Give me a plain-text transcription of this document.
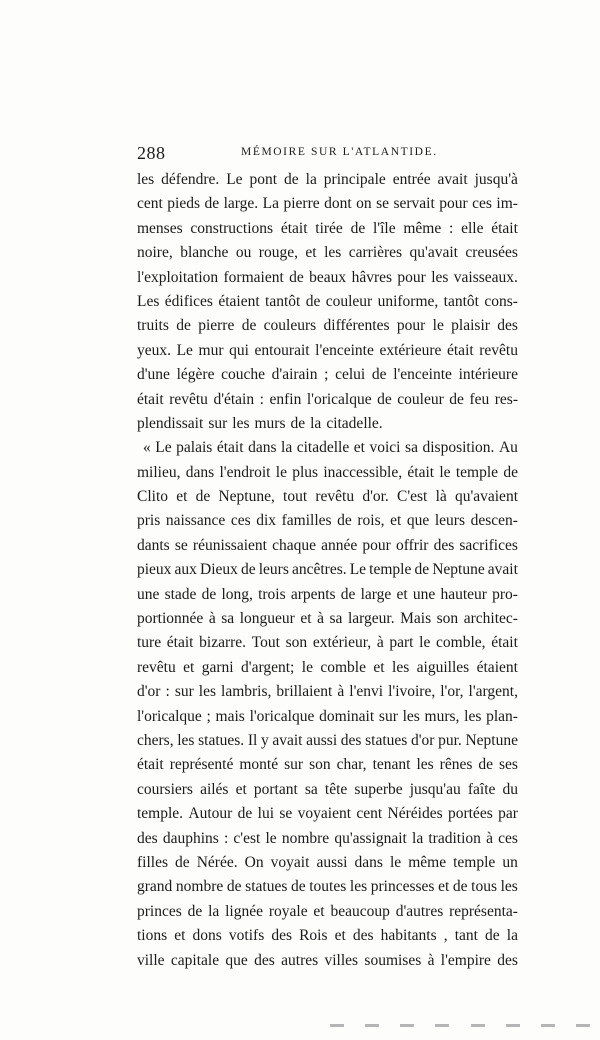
288	MÉMOIRE SUR L'ATLANTIDE.
les défendre. Le pont de la principale entrée avait jusqu'à
cent pieds de large. La pierre dont on se servait pour ces im-
menses constructions était tirée de l'île même : elle était
noire, blanche ou rouge, et les carrières qu'avait creusées
l'exploitation formaient de beaux hâvres pour les vaisseaux.
Les édifices étaient tantôt de couleur uniforme, tantôt cons-
truits de pierre de couleurs différentes pour le plaisir des
yeux. Le mur qui entourait l'enceinte extérieure était revêtu
d'une légère couche d'airain ; celui de l'enceinte intérieure
était revêtu d'étain : enfin l'oricalque de couleur de feu res-
plendissait sur les murs de la citadelle.
« Le palais était dans la citadelle et voici sa disposition. Au
milieu, dans l'endroit le plus inaccessible, était le temple de
Clito et de Neptune, tout revêtu d'or. C'est là qu'avaient
pris naissance ces dix familles de rois, et que leurs descen-
dants se réunissaient chaque année pour offrir des sacrifices
pieux aux Dieux de leurs ancêtres. Le temple de Neptune avait
une stade de long, trois arpents de large et une hauteur pro-
portionnée à sa longueur et à sa largeur. Mais son architec-
ture était bizarre. Tout son extérieur, à part le comble, était
revêtu et garni d'argent; le comble et les aiguilles étaient
d'or : sur les lambris, brillaient à l'envi l'ivoire, l'or, l'argent,
l'oricalque ; mais l'oricalque dominait sur les murs, les plan-
chers, les statues. Il y avait aussi des statues d'or pur. Neptune
était représenté monté sur son char, tenant les rênes de ses
coursiers ailés et portant sa tête superbe jusqu'au faîte du
temple. Autour de lui se voyaient cent Néréides portées par
des dauphins : c'est le nombre qu'assignait la tradition à ces
filles de Nérée. On voyait aussi dans le même temple un
grand nombre de statues de toutes les princesses et de tous les
princes de la lignée royale et beaucoup d'autres représenta-
tions et dons votifs des Rois et des habitants , tant de la
ville capitale que des autres villes soumises à l'empire des
